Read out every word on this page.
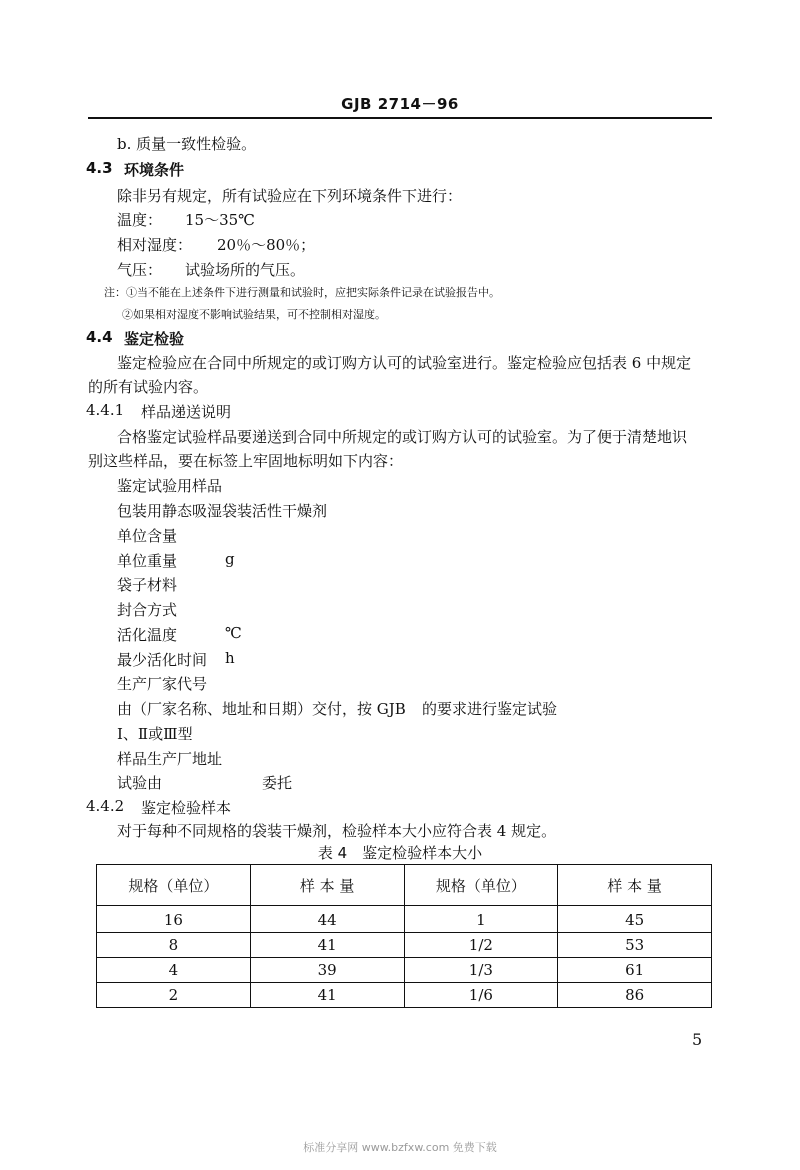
GJB 2714－96
b. 质量一致性检验。
4.3 环境条件
除非另有规定，所有试验应在下列环境条件下进行：
温度： 15～35℃
相对湿度： 20％～80％；
气压： 试验场所的气压。
注：①当不能在上述条件下进行测量和试验时，应把实际条件记录在试验报告中。
②如果相对湿度不影响试验结果，可不控制相对湿度。
4.4 鉴定检验
鉴定检验应在合同中所规定的或订购方认可的试验室进行。鉴定检验应包括表 6 中规定
的所有试验内容。
4.4.1 样品递送说明
合格鉴定试验样品要递送到合同中所规定的或订购方认可的试验室。为了便于清楚地识
别这些样品，要在标签上牢固地标明如下内容：
鉴定试验用样品
包装用静态吸湿袋装活性干燥剂
单位含量
单位重量	g
袋子材料
封合方式
活化温度	℃
最少活化时间 h
生产厂家代号
由（厂家名称、地址和日期）交付，按 GJB 的要求进行鉴定试验
Ⅰ、Ⅱ或Ⅲ型
样品生产厂地址
试验由	委托
4.4.2 鉴定检验样本
对于每种不同规格的袋装干燥剂，检验样本大小应符合表 4 规定。
表 4　鉴定检验样本大小
规格（单位）	样 本 量	规格（单位）	样 本 量
16	44	1	45
8	41	1/2	53
4	39	1/3	61
2	41	1/6	86
5
标准分享网 www.bzfxw.com 免费下载
